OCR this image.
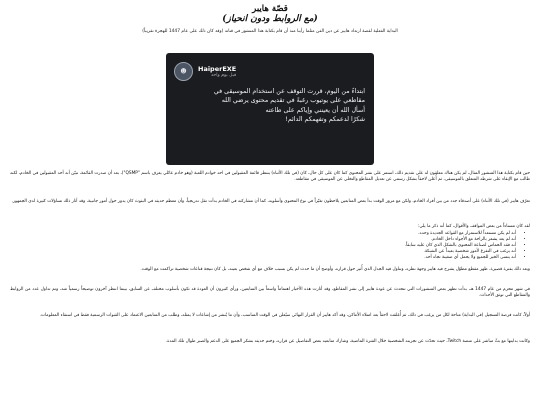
قصّة هايبر

(مع الروابط ودون انحياز)

البداية الفعلية لقصة ارتداد هايبر عن دين الفن مثلما رأينا منذ أن قام بكتابة هذا المنشور في قناته (وقد كان ذلك على عام 1447 للهجرة تقريباً)

HaiperEXE
قبل يوم واحد
☻
ابتداءً من اليوم، قررت التوقف عن استخدام الموسيقى في
مقاطعي على يوتيوب رغبةً في تقديم محتوى يرضي الله
أسأل الله أن يعينني وإياكم على طاعته
شكرًا لدعمكم وتفهمكم الدائم!

حين قام بكتابة هذا المنشور المثال، لم يكن هناك معلقون له على تقديم ذلك، استمر على نشر المحتوى كما كان على كل حال، كان (في تلك الأثناء) ينتظر قائمة المقبولين في احد خوادم اللعبة (وهو خادم عائلي يعرف باسم "QSMP")، بعد أن صدرت القائمة، تبيّن أنه أحد المقبولين في الخادم، لكنه طالب مع الإبقاء على شرطه المتعلق بالموسيقى، ثم أُعلن لاحقاً بشكل رسمي عن تعديل المقاطع والتخلي عن الموسيقى في مقاطعه.

تعرّف هايبر (في تلك الأثناء) على أصدقاء جدد من بين أفراد الخادم، ولكن مع مرور الوقت بدأ بعض المتابعين يلاحظون تغيّراً في نوع المحتوى وأسلوبه، كما أن مشاركته في الخادم بدأت تقل تدريجياً، وأن معظم حديثه في البثوث كان يدور حول أمور جانبية، وقد أثار ذلك تساؤلات كثيرة لدى الجمهور.

لقد كان مستاءاً من بعض المواقف والأقوال، كما أنه ذكر ما يلي:

• أنه لم يكن مستعداً للاستمرار مع القواعد الجديدة وحده.
• أنه لم يعد يشعر بالراحة مع الأجواء داخل الخادم.
• أنه فقد الحماس لصناعة المحتوى بالشكل الذي كان عليه سابقاً.
• أنه يرغب في التفرغ لأمور شخصية بعيداً عن الشبكة.
• أنه يتمنى الخير للجميع ولا يحمل أي ضغينة تجاه أحد.

وبعد ذلك بفترة قصيرة، ظهر مقطع مطوّل يشرح فيه هايبر وجهة نظره، وتناول فيه الجدل الذي أُثير حول قراره، وأوضح أن ما حدث لم يكن بسبب خلاف مع أي شخص بعينه، بل كان نتيجة قناعات شخصية تراكمت مع الوقت.

في شهر محرم من عام 1447 هـ، بدأت تظهر بعض المنشورات التي تتحدث عن عودة هايبر إلى نشر المقاطع، وقد أثارت هذه الأخبار اهتماماً واسعاً بين المتابعين، ورأى كثيرون أن العودة قد تكون بأسلوب مختلف عن السابق، بينما انتظر آخرون توضيحاً رسمياً منه، وتم تداول عدد من الروابط والمقاطع التي توثق الأحداث.

أولاً، كانت فرصة التسجيل (في البداية) متاحة لكل من يرغب في ذلك، ثم أُغلقت لاحقاً بعد امتلاء الأماكن، وقد أكد هايبر أن القرار النهائي سيُعلن في الوقت المناسب، وأن ما يُنشر من إشاعات لا يمثله، وطلب من المتابعين الاعتماد على القنوات الرسمية فقط في استقاء المعلومات.

وكانت بدايتها مع بثّ مباشر على منصة Twitch، حيث تحدّث عن تجربته الشخصية خلال الفترة الماضية، وشارك متابعيه بعض التفاصيل عن قراره، وختم حديثه بشكر الجميع على الدعم والصبر طوال تلك المدة.
